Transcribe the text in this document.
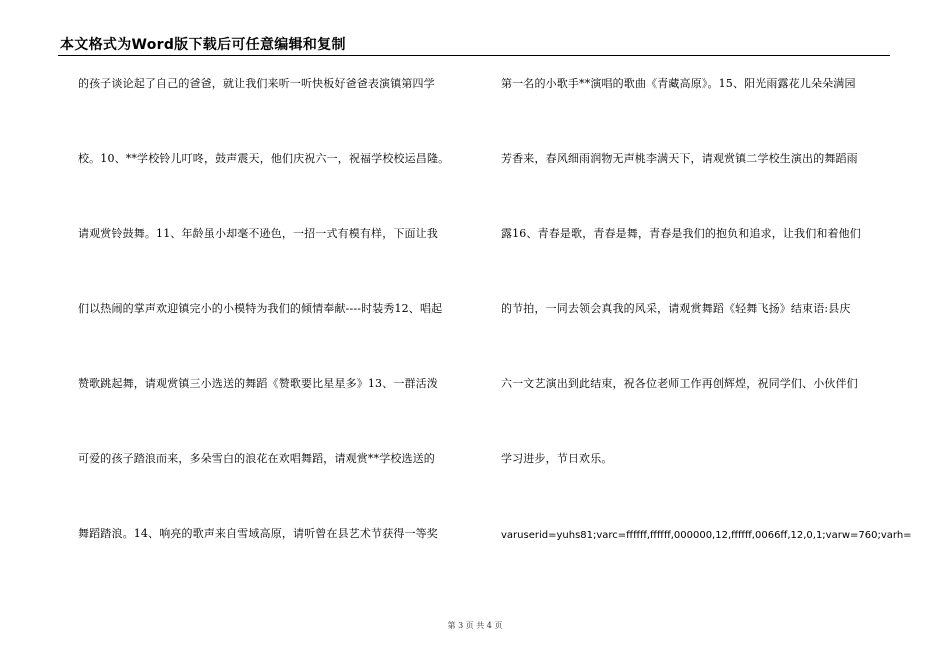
本文格式为Word版下载后可任意编辑和复制
的孩子谈论起了自己的爸爸，就让我们来听一听快板好爸爸表演镇第四学
校。10、**学校铃儿叮咚，鼓声震天，他们庆祝六一，祝福学校校运昌隆。
请观赏铃鼓舞。11、年龄虽小却毫不逊色，一招一式有模有样，下面让我
们以热闹的掌声欢迎镇完小的小模特为我们的倾情奉献----时装秀12、唱起
赞歌跳起舞，请观赏镇三小选送的舞蹈《赞歌要比星星多》13、一群活泼
可爱的孩子踏浪而来，多朵雪白的浪花在欢唱舞蹈，请观赏**学校选送的
舞蹈踏浪。14、响亮的歌声来自雪域高原，请听曾在县艺术节获得一等奖
第一名的小歌手**演唱的歌曲《青藏高原》。15、阳光雨露花儿朵朵满园
芳香来，春风细雨润物无声桃李满天下，请观赏镇二学校生演出的舞蹈雨
露16、青春是歌，青春是舞，青春是我们的抱负和追求，让我们和着他们
的节拍，一同去领会真我的风采，请观赏舞蹈《轻舞飞扬》结束语:县庆
六一文艺演出到此结束，祝各位老师工作再创辉煌，祝同学们、小伙伴们
学习进步，节日欢乐。
varuserid=yuhs81;varc=ffffff,ffffff,000000,12,ffffff,0066ff,12,0,1;varw=760;varh=
第 3 页 共 4 页
